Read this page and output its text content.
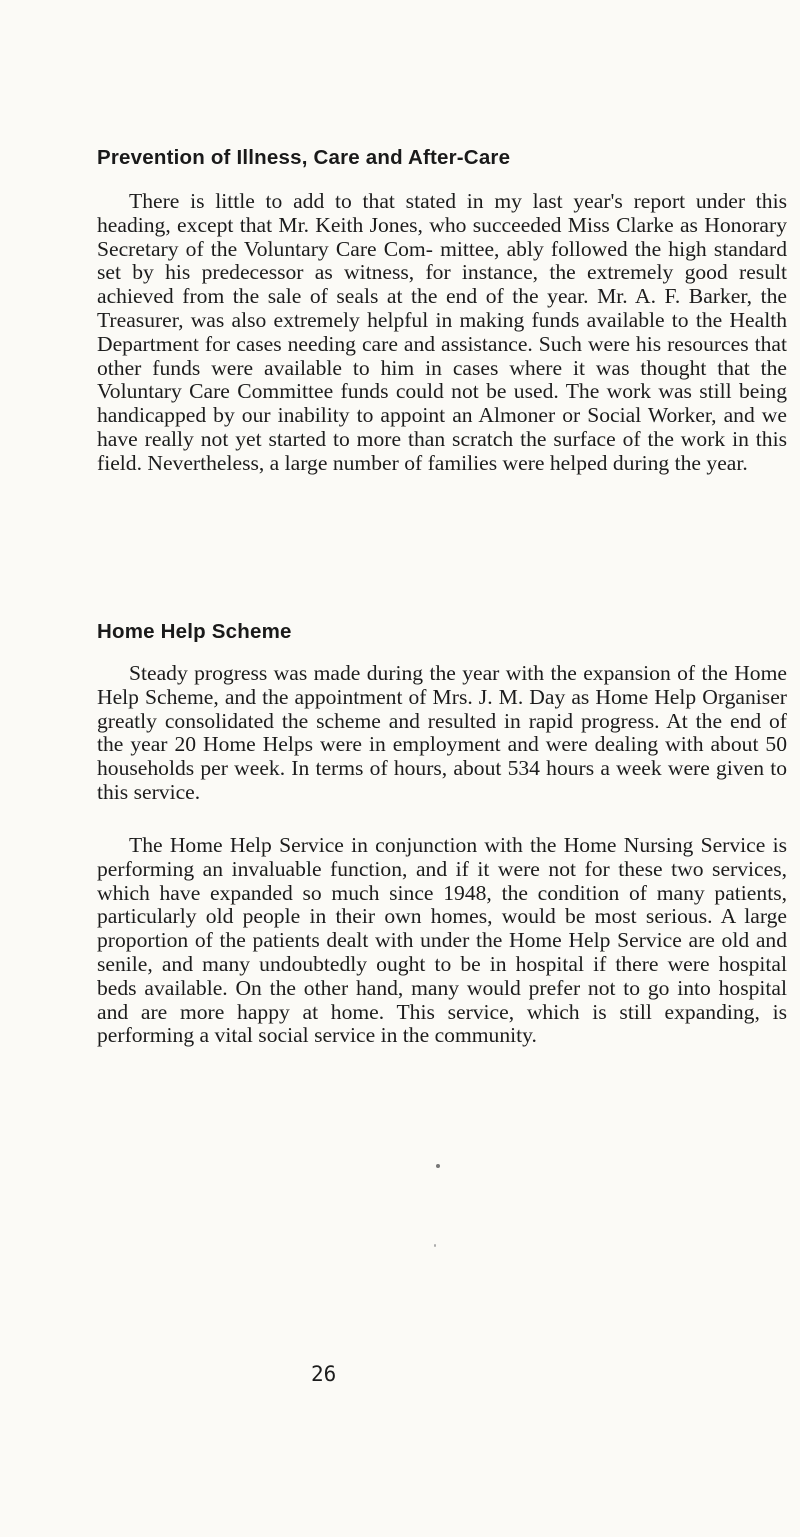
Prevention of Illness, Care and After-Care

There is little to add to that stated in my last year's report under this heading, except that Mr. Keith Jones, who succeeded Miss Clarke as Honorary Secretary of the Voluntary Care Com- mittee, ably followed the high standard set by his predecessor as witness, for instance, the extremely good result achieved from the sale of seals at the end of the year. Mr. A. F. Barker, the Treasurer, was also extremely helpful in making funds available to the Health Department for cases needing care and assistance. Such were his resources that other funds were available to him in cases where it was thought that the Voluntary Care Committee funds could not be used. The work was still being handicapped by our inability to appoint an Almoner or Social Worker, and we have really not yet started to more than scratch the surface of the work in this field. Nevertheless, a large number of families were helped during the year.

Home Help Scheme

Steady progress was made during the year with the expansion of the Home Help Scheme, and the appointment of Mrs. J. M. Day as Home Help Organiser greatly consolidated the scheme and resulted in rapid progress. At the end of the year 20 Home Helps were in employment and were dealing with about 50 households per week. In terms of hours, about 534 hours a week were given to this service.

The Home Help Service in conjunction with the Home Nursing Service is performing an invaluable function, and if it were not for these two services, which have expanded so much since 1948, the condition of many patients, particularly old people in their own homes, would be most serious. A large proportion of the patients dealt with under the Home Help Service are old and senile, and many undoubtedly ought to be in hospital if there were hospital beds available. On the other hand, many would prefer not to go into hospital and are more happy at home. This service, which is still expanding, is performing a vital social service in the community.

26
